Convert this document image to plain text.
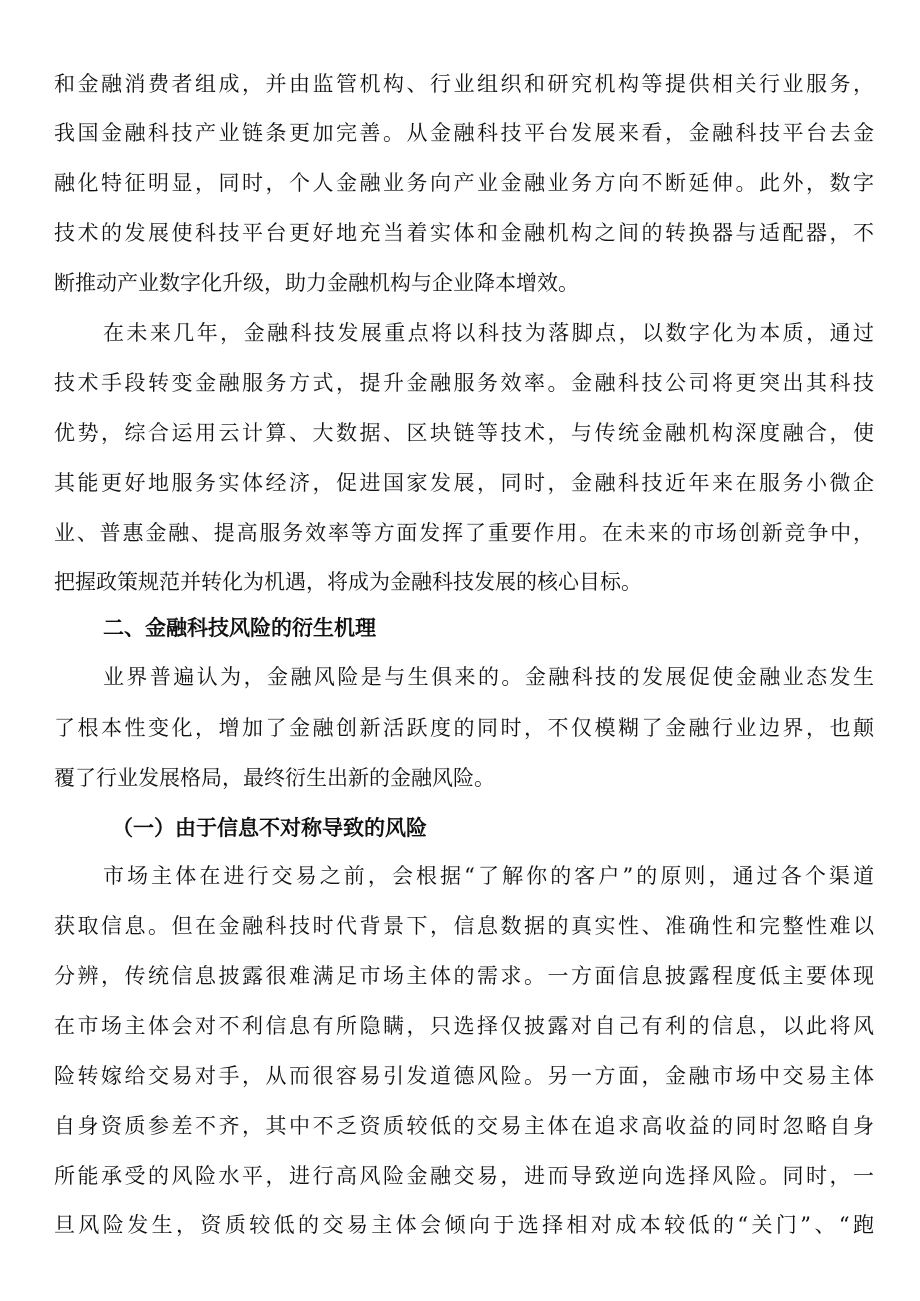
和金融消费者组成，并由监管机构、行业组织和研究机构等提供相关行业服务，
我国金融科技产业链条更加完善。从金融科技平台发展来看，金融科技平台去金
融化特征明显，同时，个人金融业务向产业金融业务方向不断延伸。此外，数字
技术的发展使科技平台更好地充当着实体和金融机构之间的转换器与适配器，不
断推动产业数字化升级，助力金融机构与企业降本增效。
在未来几年，金融科技发展重点将以科技为落脚点，以数字化为本质，通过
技术手段转变金融服务方式，提升金融服务效率。金融科技公司将更突出其科技
优势，综合运用云计算、大数据、区块链等技术，与传统金融机构深度融合，使
其能更好地服务实体经济，促进国家发展，同时，金融科技近年来在服务小微企
业、普惠金融、提高服务效率等方面发挥了重要作用。在未来的市场创新竞争中，
把握政策规范并转化为机遇，将成为金融科技发展的核心目标。
二、金融科技风险的衍生机理
业界普遍认为，金融风险是与生俱来的。金融科技的发展促使金融业态发生
了根本性变化，增加了金融创新活跃度的同时，不仅模糊了金融行业边界，也颠
覆了行业发展格局，最终衍生出新的金融风险。
（一）由于信息不对称导致的风险
市场主体在进行交易之前，会根据“了解你的客户”的原则，通过各个渠道
获取信息。但在金融科技时代背景下，信息数据的真实性、准确性和完整性难以
分辨，传统信息披露很难满足市场主体的需求。一方面信息披露程度低主要体现
在市场主体会对不利信息有所隐瞒，只选择仅披露对自己有利的信息，以此将风
险转嫁给交易对手，从而很容易引发道德风险。另一方面，金融市场中交易主体
自身资质参差不齐，其中不乏资质较低的交易主体在追求高收益的同时忽略自身
所能承受的风险水平，进行高风险金融交易，进而导致逆向选择风险。同时，一
旦风险发生，资质较低的交易主体会倾向于选择相对成本较低的“关门”、“跑
